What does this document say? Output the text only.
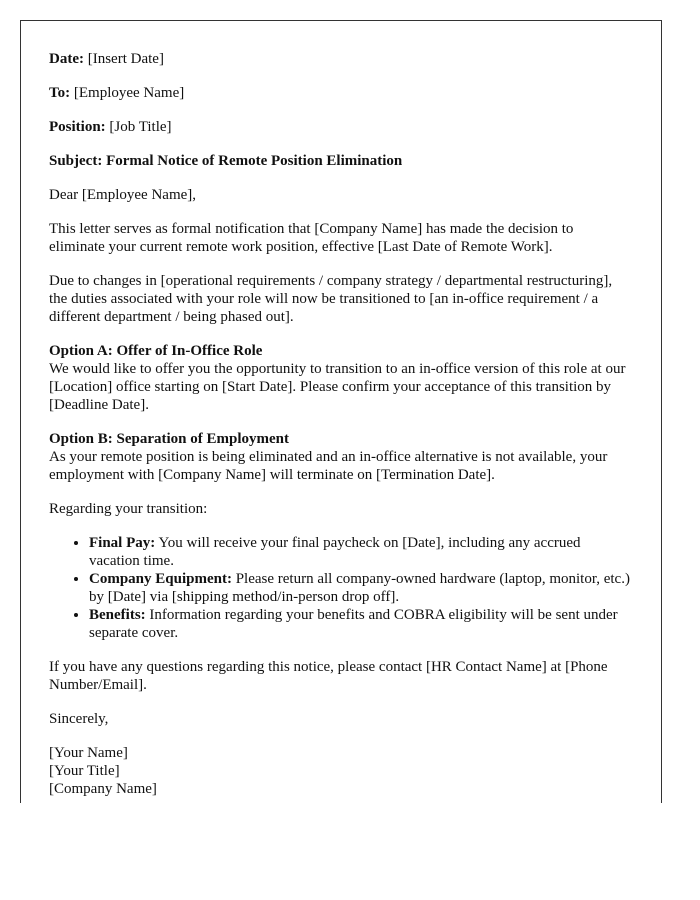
Date: [Insert Date]

To: [Employee Name]

Position: [Job Title]

Subject: Formal Notice of Remote Position Elimination

Dear [Employee Name],

This letter serves as formal notification that [Company Name] has made the decision to eliminate your current remote work position, effective [Last Date of Remote Work].

Due to changes in [operational requirements / company strategy / departmental restructuring], the duties associated with your role will now be transitioned to [an in-office requirement / a different department / being phased out].

Option A: Offer of In-Office Role
We would like to offer you the opportunity to transition to an in-office version of this role at our [Location] office starting on [Start Date]. Please confirm your acceptance of this transition by [Deadline Date].

Option B: Separation of Employment
As your remote position is being eliminated and an in-office alternative is not available, your employment with [Company Name] will terminate on [Termination Date].

Regarding your transition:

• Final Pay: You will receive your final paycheck on [Date], including any accrued vacation time.
• Company Equipment: Please return all company-owned hardware (laptop, monitor, etc.) by [Date] via [shipping method/in-person drop off].
• Benefits: Information regarding your benefits and COBRA eligibility will be sent under separate cover.

If you have any questions regarding this notice, please contact [HR Contact Name] at [Phone Number/Email].

Sincerely,

[Your Name]
[Your Title]
[Company Name]
